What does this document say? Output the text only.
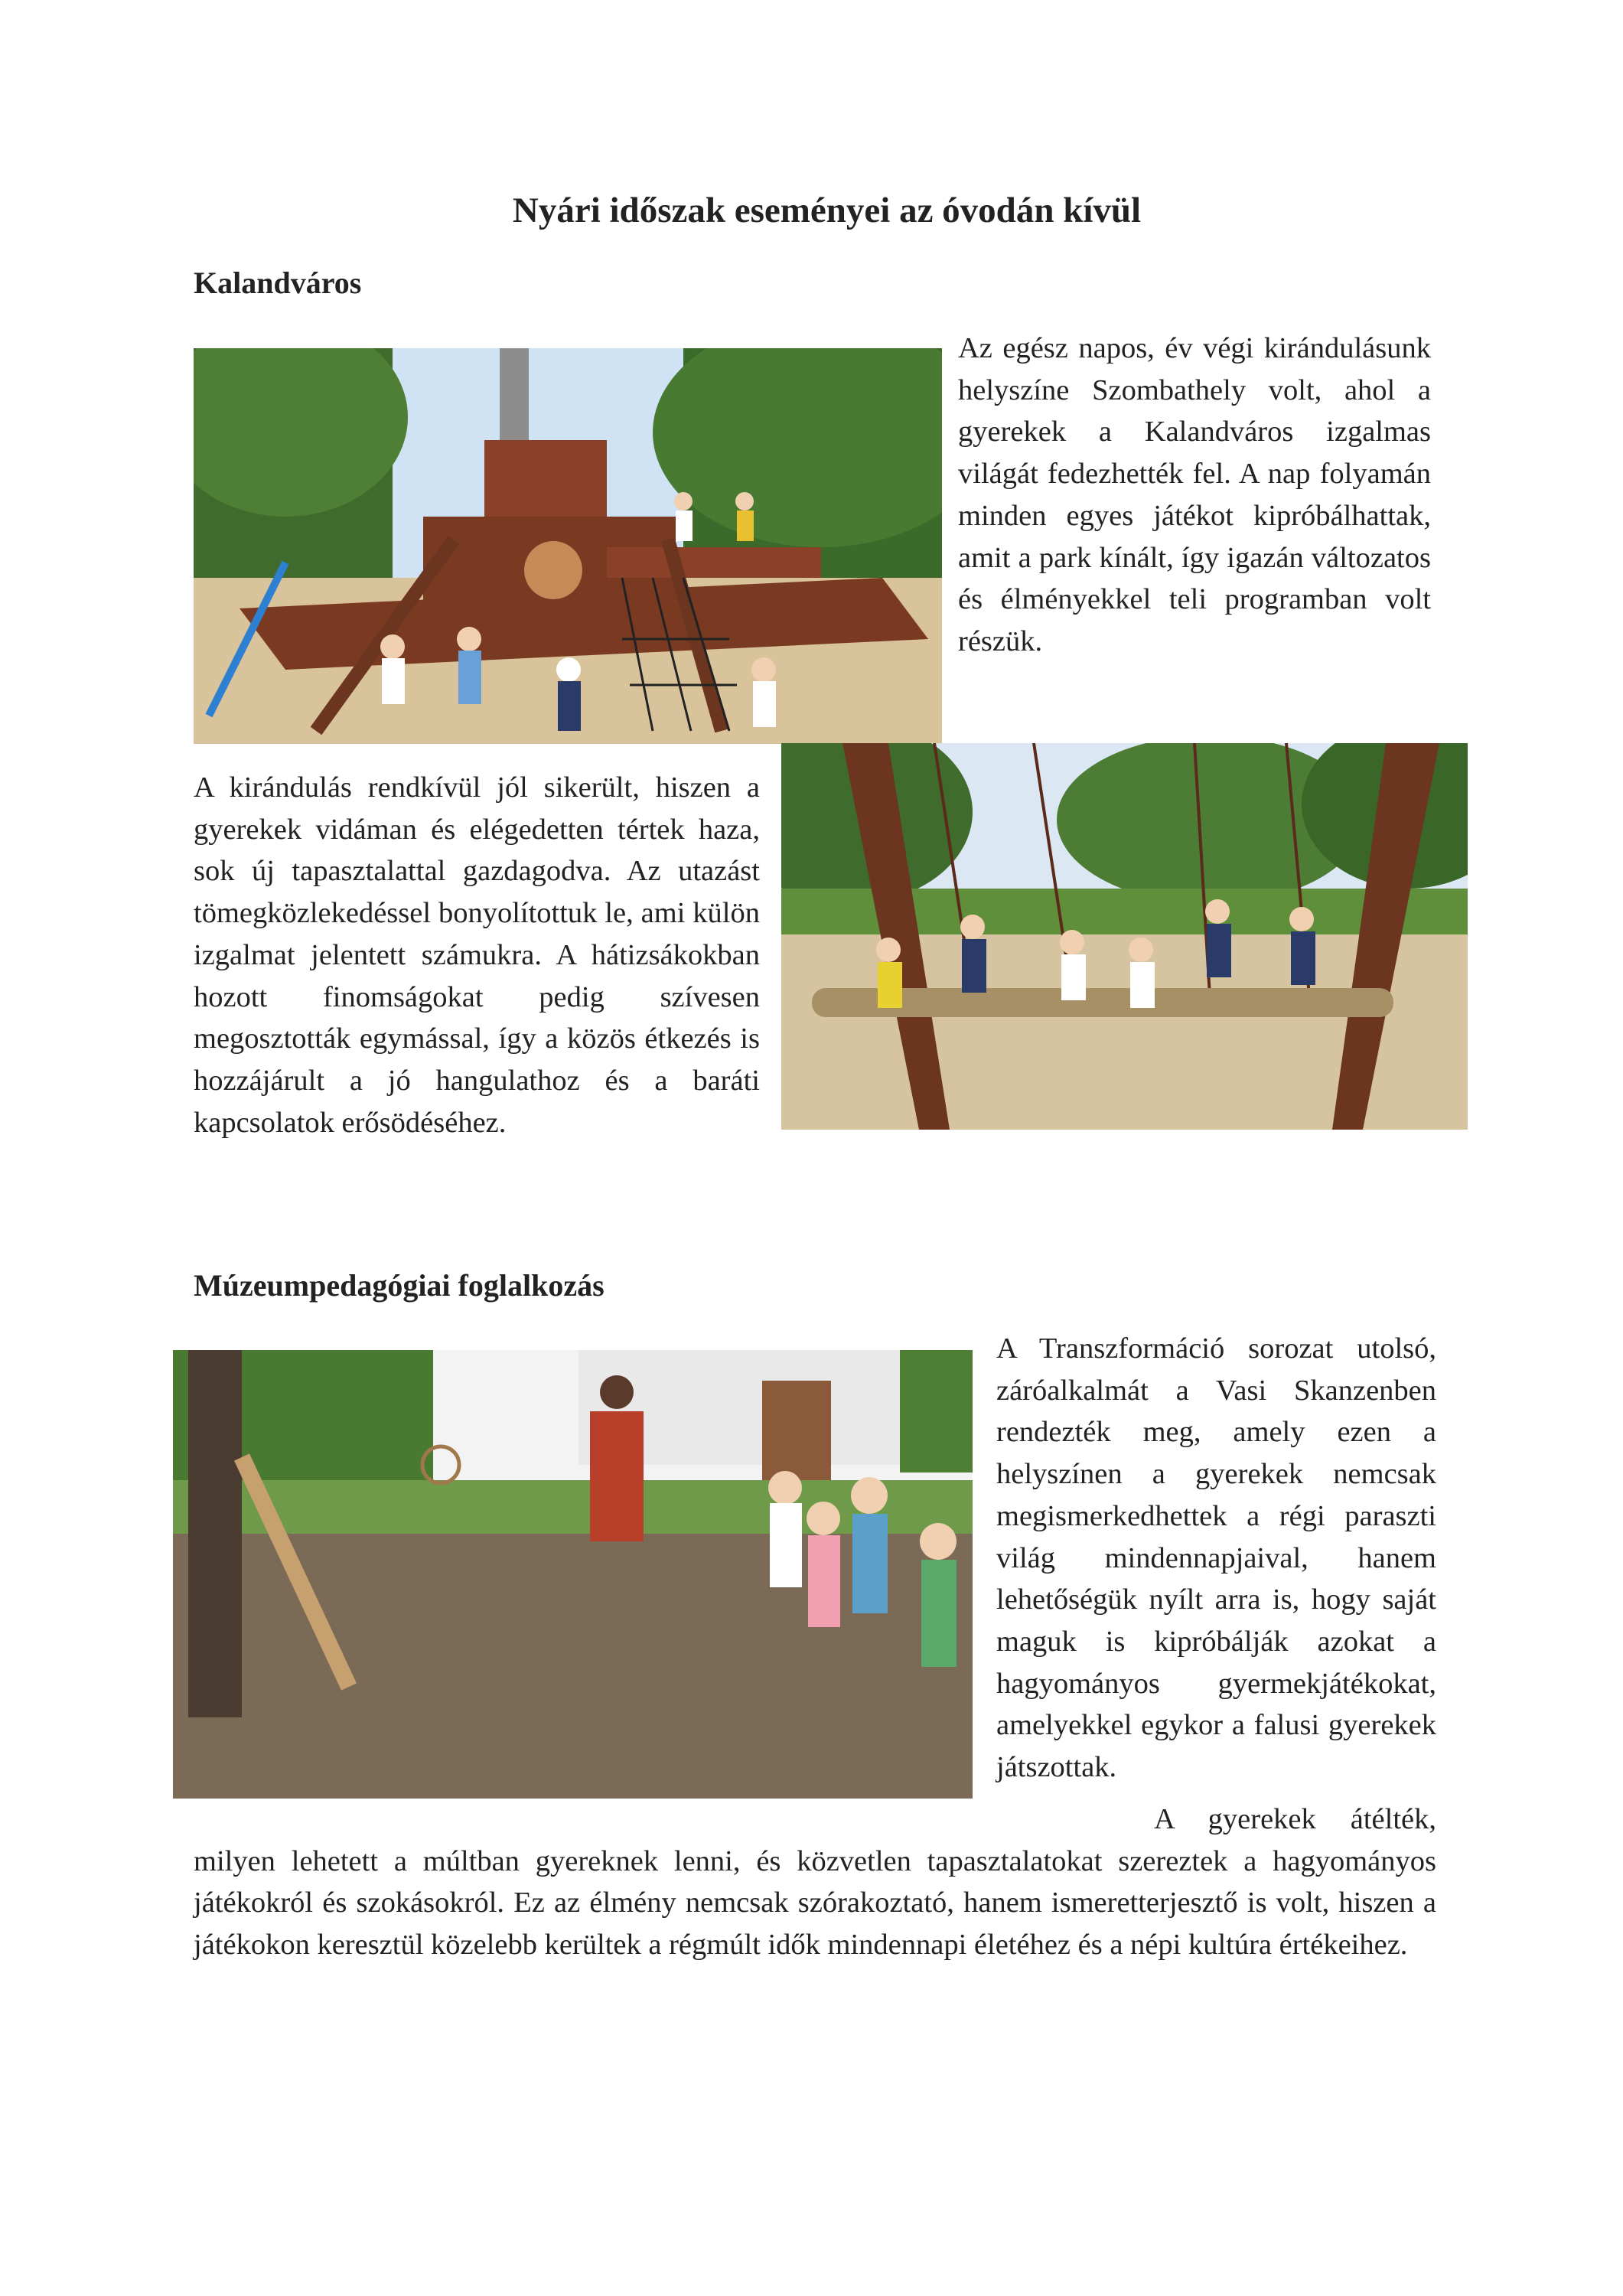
Nyári időszak eseményei az óvodán kívül
Kalandváros

Az egész napos, év végi kirándulásunk helyszíne Szombathely volt, ahol a gyerekek a Kalandváros izgalmas világát fedezhették fel. A nap folyamán minden egyes játékot kipróbálhattak, amit a park kínált, így igazán változatos és élményekkel teli programban volt részük.

A kirándulás rendkívül jól sikerült, hiszen a gyerekek vidáman és elégedetten tértek haza, sok új tapasztalattal gazdagodva. Az utazást tömegközlekedéssel bonyolítottuk le, ami külön izgalmat jelentett számukra. A hátizsákokban hozott finomságokat pedig szívesen megosztották egymással, így a közös étkezés is hozzájárult a jó hangulathoz és a baráti kapcsolatok erősödéséhez.

Múzeumpedagógiai foglalkozás

A Transzformáció sorozat utolsó, záróalkalmát a Vasi Skanzenben rendezték meg, amely ezen a helyszínen a gyerekek nemcsak megismerkedhettek a régi paraszti világ mindennapjaival, hanem lehetőségük nyílt arra is, hogy saját maguk is kipróbálják azokat a hagyományos gyermekjátékokat, amelyekkel egykor a falusi gyerekek játszottak.

A gyerekek átélték, milyen lehetett a múltban gyereknek lenni, és közvetlen tapasztalatokat szereztek a hagyományos játékokról és szokásokról. Ez az élmény nemcsak szórakoztató, hanem ismeretterjesztő is volt, hiszen a játékokon keresztül közelebb kerültek a régmúlt idők mindennapi életéhez és a népi kultúra értékeihez.
